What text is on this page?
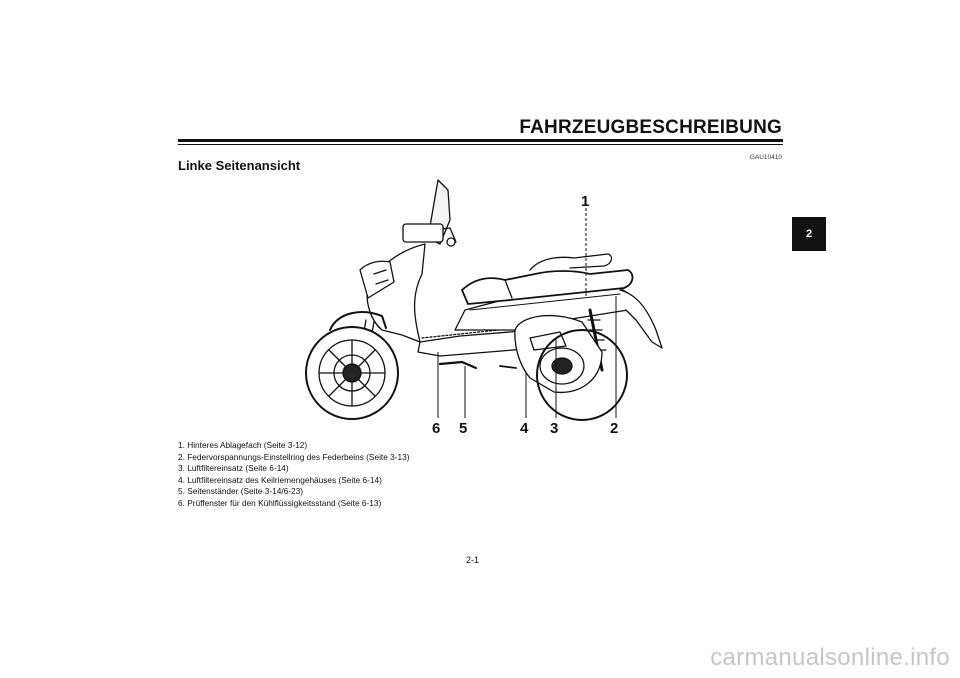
FAHRZEUGBESCHREIBUNG
GAU10410
Linke Seitenansicht
2
1
2
3
4
5
6
1. Hinteres Ablagefach (Seite 3-12)
2. Federvorspannungs-Einstellring des Federbeins (Seite 3-13)
3. Luftfiltereinsatz (Seite 6-14)
4. Luftfiltereinsatz des Keilriemengehäuses (Seite 6-14)
5. Seitenständer (Seite 3-14/6-23)
6. Prüffenster für den Kühlflüssigkeitsstand (Seite 6-13)
2-1
carmanualsonline.info
